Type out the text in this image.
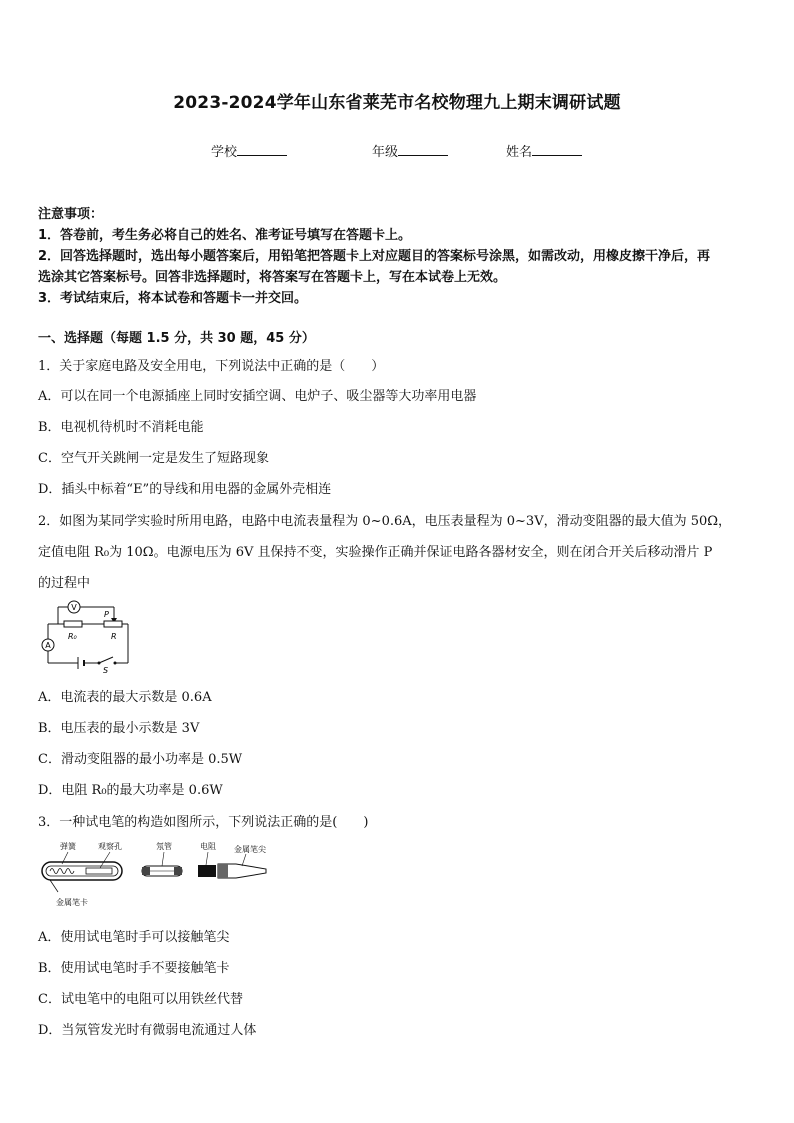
2023-2024学年山东省莱芜市名校物理九上期末调研试题
学校	年级	姓名
注意事项：
1．答卷前，考生务必将自己的姓名、准考证号填写在答题卡上。
2．回答选择题时，选出每小题答案后，用铅笔把答题卡上对应题目的答案标号涂黑，如需改动，用橡皮擦干净后，再
选涂其它答案标号。回答非选择题时，将答案写在答题卡上，写在本试卷上无效。
3．考试结束后，将本试卷和答题卡一并交回。
一、选择题（每题 1.5 分，共 30 题，45 分）
1．关于家庭电路及安全用电，下列说法中正确的是（　　）
A．可以在同一个电源插座上同时安插空调、电炉子、吸尘器等大功率用电器
B．电视机待机时不消耗电能
C．空气开关跳闸一定是发生了短路现象
D．插头中标着“E”的导线和用电器的金属外壳相连
2．如图为某同学实验时所用电路，电路中电流表量程为 0~0.6A，电压表量程为 0~3V，滑动变阻器的最大值为 50Ω，
定值电阻 R₀为 10Ω。电源电压为 6V 且保持不变，实验操作正确并保证电路各器材安全，则在闭合开关后移动滑片 P
的过程中
V
R₀	R
P
A
S
A．电流表的最大示数是 0.6A
B．电压表的最小示数是 3V
C．滑动变阻器的最小功率是 0.5W
D．电阻 R₀的最大功率是 0.6W
3．一种试电笔的构造如图所示，下列说法正确的是(　　)
弹簧	观察孔	氖管	电阻 金属笔尖
金属笔卡
A．使用试电笔时手可以接触笔尖
B．使用试电笔时手不要接触笔卡
C．试电笔中的电阻可以用铁丝代替
D．当氖管发光时有微弱电流通过人体
